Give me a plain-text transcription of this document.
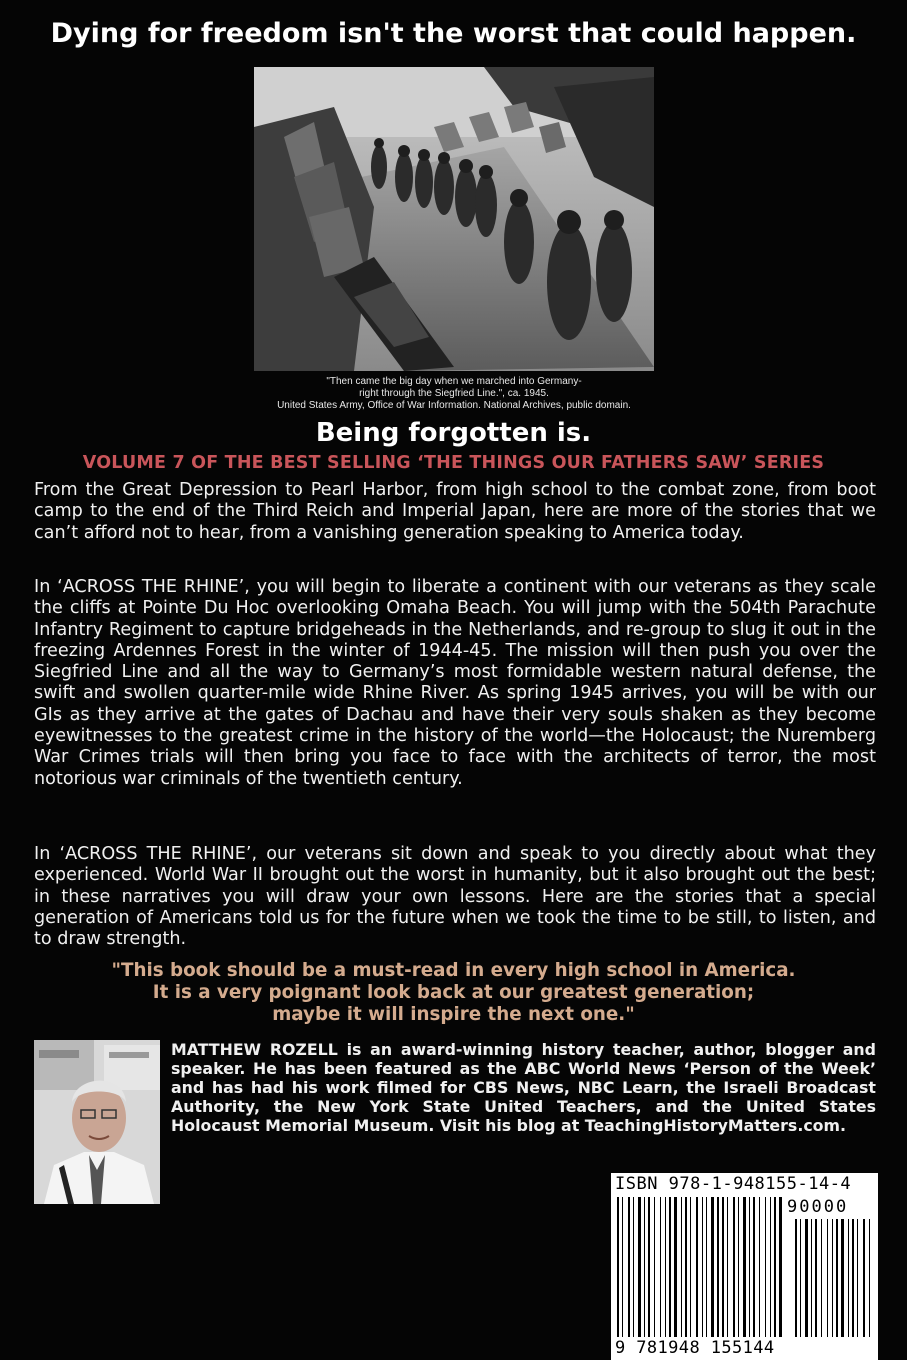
Dying for freedom isn't the worst that could happen.
"Then came the big day when we marched into Germany-
right through the Siegfried Line.", ca. 1945.
United States Army, Office of War Information. National Archives, public domain.
Being forgotten is.
VOLUME 7 OF THE BEST SELLING ‘THE THINGS OUR FATHERS SAW’ SERIES
From the Great Depression to Pearl Harbor, from high school to the combat zone, from boot camp to the end of the Third Reich and Imperial Japan, here are more of the stories that we can’t afford not to hear, from a vanishing generation speaking to America today.
In ‘ACROSS THE RHINE’, you will begin to liberate a continent with our veterans as they scale the cliffs at Pointe Du Hoc overlooking Omaha Beach. You will jump with the 504th Parachute Infantry Regiment to capture bridgeheads in the Netherlands, and re-group to slug it out in the freezing Ardennes Forest in the winter of 1944-45. The mission will then push you over the Siegfried Line and all the way to Germany’s most formidable western natural defense, the swift and swollen quarter-mile wide Rhine River. As spring 1945 arrives, you will be with our GIs as they arrive at the gates of Dachau and have their very souls shaken as they become eyewitnesses to the greatest crime in the history of the world—the Holocaust; the Nuremberg War Crimes trials will then bring you face to face with the architects of terror, the most notorious war criminals of the twentieth century.
In ‘ACROSS THE RHINE’, our veterans sit down and speak to you directly about what they experienced. World War II brought out the worst in humanity, but it also brought out the best; in these narratives you will draw your own lessons. Here are the stories that a special generation of Americans told us for the future when we took the time to be still, to listen, and to draw strength.
"This book should be a must-read in every high school in America.
It is a very poignant look back at our greatest generation;
maybe it will inspire the next one."
MATTHEW ROZELL is an award-winning history teacher, author, blogger and speaker. He has been featured as the ABC World News ‘Person of the Week’ and has had his work filmed for CBS News, NBC Learn, the Israeli Broadcast Authority, the New York State United Teachers, and the United States Holocaust Memorial Museum. Visit his blog at TeachingHistoryMatters.com.
ISBN 978-1-948155-14-4
90000
9 781948 155144
